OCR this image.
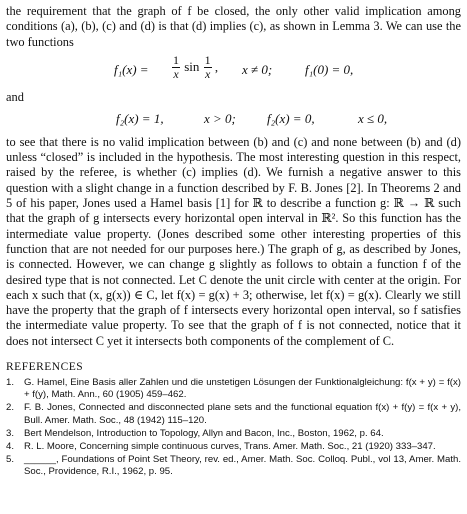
the requirement that the graph of f be closed, the only other valid implication among conditions (a), (b), (c) and (d) is that (d) implies (c), as shown in Lemma 3. We can use the two functions

$f_1(x) = \frac{1}{x}$ $\sin \frac{1}{x}$ , x ≠ 0;	f₁(0) = 0,

and

f₂(x) = 1,	x > 0; f₂(x) = 0,	x ≤ 0,

to see that there is no valid implication between (b) and (c) and none between (b) and (d) unless “closed” is included in the hypothesis. The most interesting question in this respect, raised by the referee, is whether (c) implies (d). We furnish a negative answer to this question with a slight change in a function described by F. B. Jones [2]. In Theorems 2 and 5 of his paper, Jones used a Hamel basis [1] for ℝ to describe a function g: ℝ → ℝ such that the graph of g intersects every horizontal open interval in ℝ². So this function has the intermediate value property. (Jones described some other interesting properties of this function that are not needed for our purposes here.) The graph of g, as described by Jones, is connected. However, we can change g slightly as follows to obtain a function f of the desired type that is not connected. Let C denote the unit circle with center at the origin. For each x such that (x, g(x)) ∈ C, let f(x) = g(x) + 3; otherwise, let f(x) = g(x). Clearly we still have the property that the graph of f intersects every horizontal open interval, so f satisfies the intermediate value property. To see that the graph of f is not connected, notice that it does not intersect C yet it intersects both components of the complement of C.

REFERENCES
1.	G. Hamel, Eine Basis aller Zahlen und die unstetigen Lösungen der Funktionalgleichung: f(x + y) = f(x) + f(y), Math. Ann., 60 (1905) 459–462.
2.	F. B. Jones, Connected and disconnected plane sets and the functional equation f(x) + f(y) = f(x + y), Bull. Amer. Math. Soc., 48 (1942) 115–120.
3.	Bert Mendelson, Introduction to Topology, Allyn and Bacon, Inc., Boston, 1962, p. 64.
4.	R. L. Moore, Concerning simple continuous curves, Trans. Amer. Math. Soc., 21 (1920) 333–347.
5.	______, Foundations of Point Set Theory, rev. ed., Amer. Math. Soc. Colloq. Publ., vol 13, Amer. Math. Soc., Providence, R.I., 1962, p. 95.
